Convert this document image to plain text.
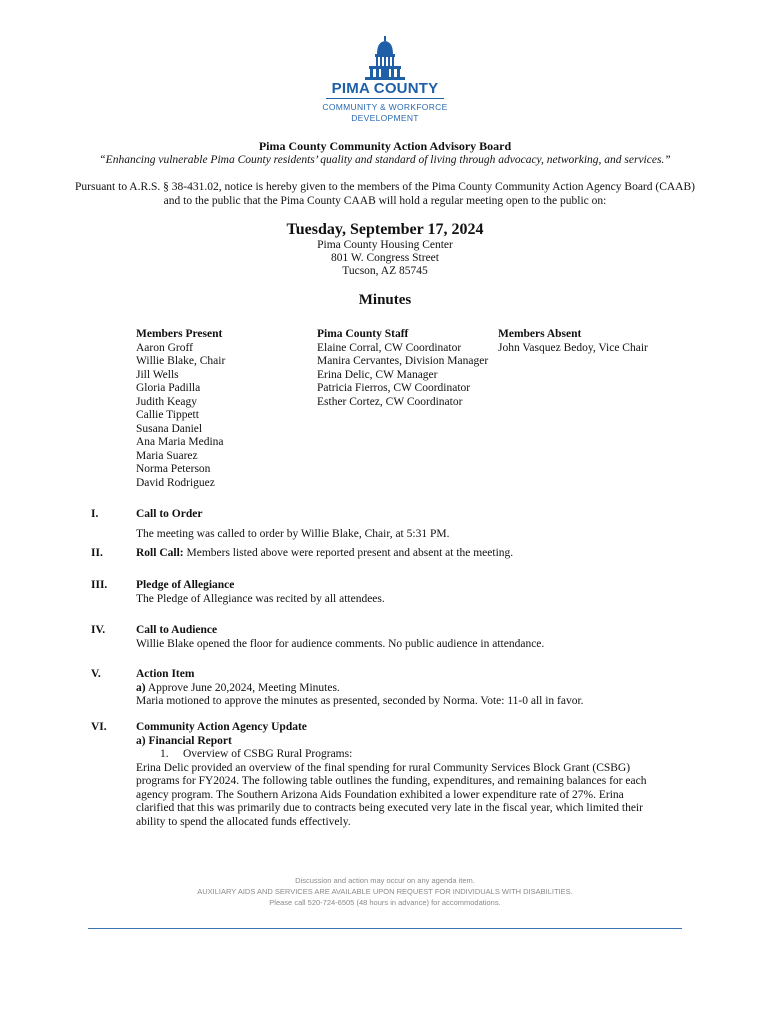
PIMA COUNTY
COMMUNITY & WORKFORCE
DEVELOPMENT
Pima County Community Action Advisory Board
“Enhancing vulnerable Pima County residents’ quality and standard of living through advocacy, networking, and services.”
Pursuant to A.R.S. § 38-431.02, notice is hereby given to the members of the Pima County Community Action Agency Board (CAAB)
and to the public that the Pima County CAAB will hold a regular meeting open to the public on:
Tuesday, September 17, 2024
Pima County Housing Center
801 W. Congress Street
Tucson, AZ 85745
Minutes
Members Present
Aaron Groff
Willie Blake, Chair
Jill Wells
Gloria Padilla
Judith Keagy
Callie Tippett
Susana Daniel
Ana Maria Medina
Maria Suarez
Norma Peterson
David Rodriguez
Pima County Staff
Elaine Corral, CW Coordinator
Manira Cervantes, Division Manager
Erina Delic, CW Manager
Patricia Fierros, CW Coordinator
Esther Cortez, CW Coordinator
Members Absent
John Vasquez Bedoy, Vice Chair
I.	Call to Order
The meeting was called to order by Willie Blake, Chair, at 5:31 PM.
II.	Roll Call: Members listed above were reported present and absent at the meeting.
III. Pledge of Allegiance
The Pledge of Allegiance was recited by all attendees.
IV.	Call to Audience
Willie Blake opened the floor for audience comments. No public audience in attendance.
V.	Action Item
a) Approve June 20,2024, Meeting Minutes.
Maria motioned to approve the minutes as presented, seconded by Norma. Vote: 11-0 all in favor.
VI.	Community Action Agency Update
a) Financial Report
1.     Overview of CSBG Rural Programs:
Erina Delic provided an overview of the final spending for rural Community Services Block Grant (CSBG)
programs for FY2024. The following table outlines the funding, expenditures, and remaining balances for each
agency program. The Southern Arizona Aids Foundation exhibited a lower expenditure rate of 27%. Erina
clarified that this was primarily due to contracts being executed very late in the fiscal year, which limited their
ability to spend the allocated funds effectively.
Discussion and action may occur on any agenda item.
AUXILIARY AIDS AND SERVICES ARE AVAILABLE UPON REQUEST FOR INDIVIDUALS WITH DISABILITIES.
Please call 520-724-6505 (48 hours in advance) for accommodations.
